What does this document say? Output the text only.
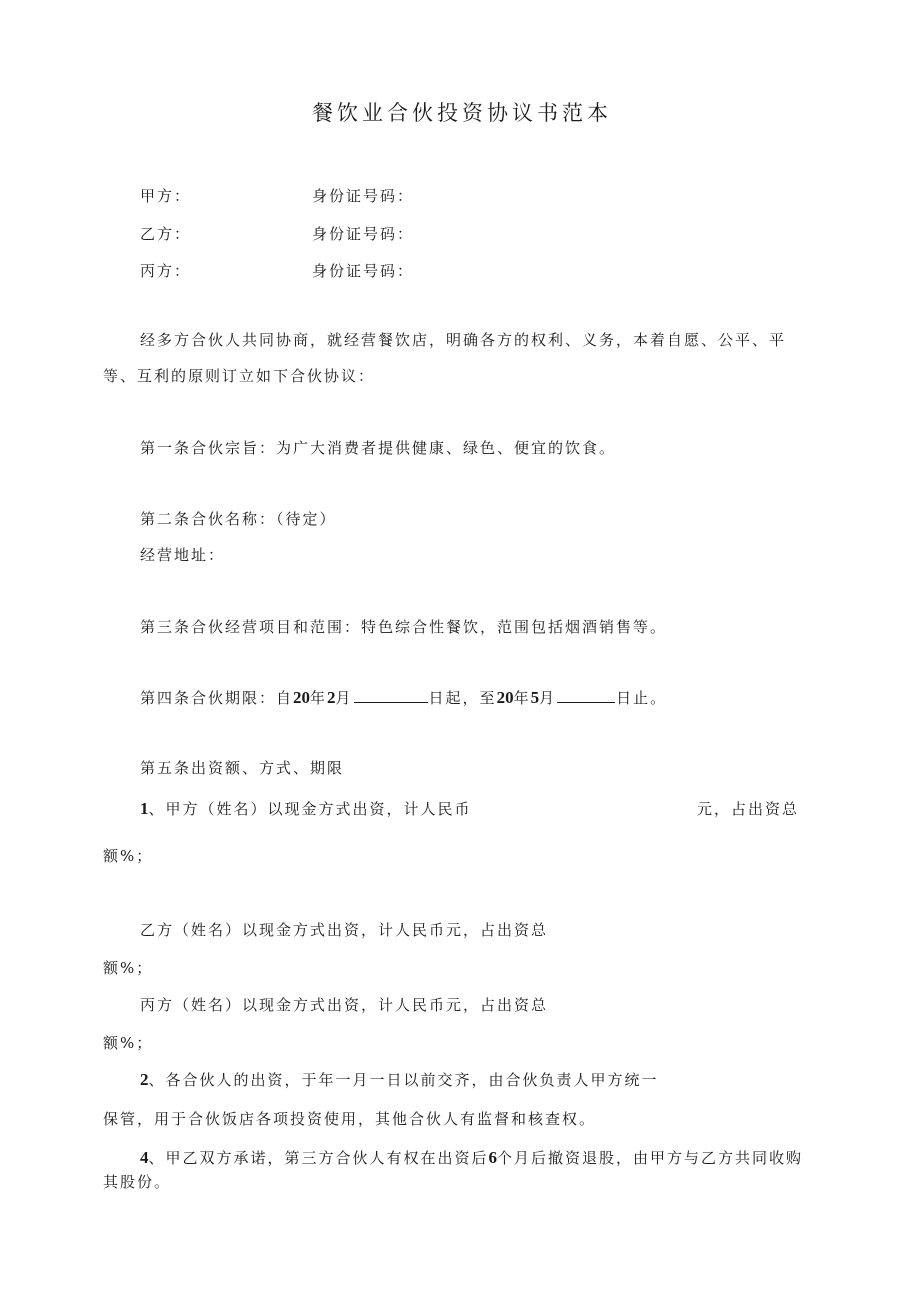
餐饮业合伙投资协议书范本
甲方：	身份证号码：
乙方：	身份证号码：
丙方：	身份证号码：
经多方合伙人共同协商，就经营餐饮店，明确各方的权利、义务，本着自愿、公平、平
等、互利的原则订立如下合伙协议：
第一条合伙宗旨：为广大消费者提供健康、绿色、便宜的饮食。
第二条合伙名称：（待定）
经营地址：
第三条合伙经营项目和范围：特色综合性餐饮，范围包括烟酒销售等。
第四条合伙期限：自20年2月	日起，至20年5月	日止。
第五条出资额、方式、期限
1、甲方（姓名）以现金方式出资，计人民币	元，占出资总
额%；
乙方（姓名）以现金方式出资，计人民币元，占出资总
额%；
丙方（姓名）以现金方式出资，计人民币元，占出资总
额%；
2、各合伙人的出资，于年一月一日以前交齐，由合伙负责人甲方统一
保管，用于合伙饭店各项投资使用，其他合伙人有监督和核查权。
4、甲乙双方承诺，第三方合伙人有权在出资后6个月后撤资退股，由甲方与乙方共同收购
其股份。
